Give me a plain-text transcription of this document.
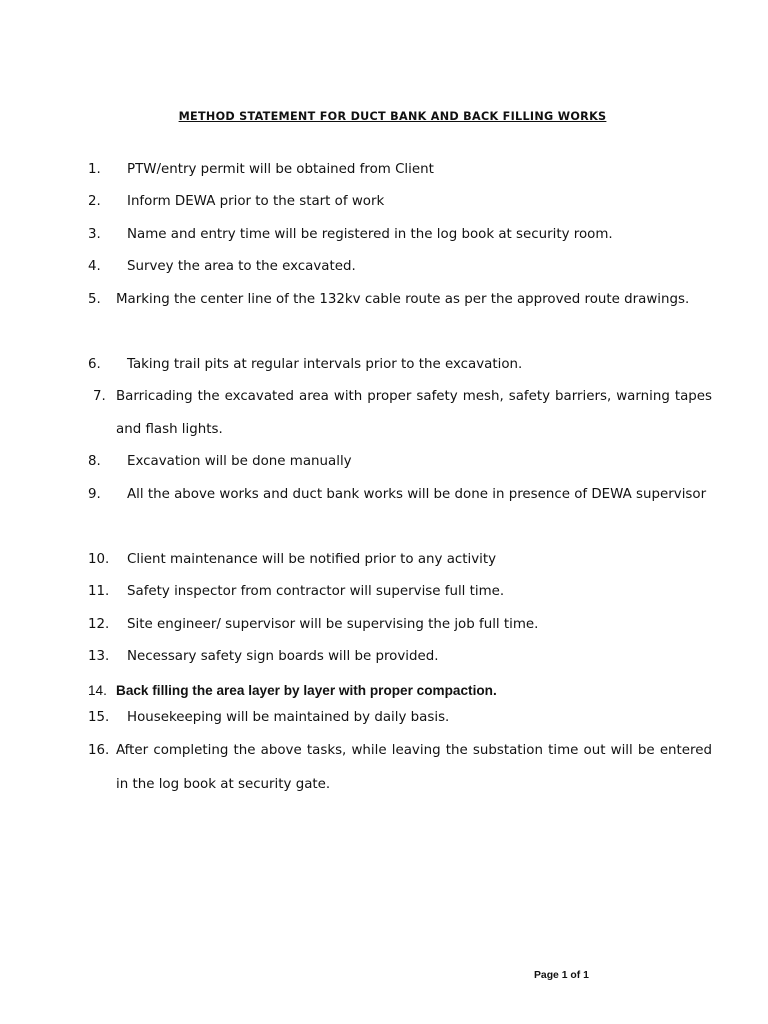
METHOD STATEMENT FOR DUCT BANK AND BACK FILLING WORKS
1. PTW/entry permit will be obtained from Client
2. Inform DEWA prior to the start of work
3. Name and entry time will be registered in the log book at security room.
4. Survey the area to the excavated.
5. Marking the center line of the 132kv cable route as per the approved route drawings.
6. Taking trail pits at regular intervals prior to the excavation.
7. Barricading the excavated area with proper safety mesh, safety barriers, warning tapes and flash lights.
8. Excavation will be done manually
9. All the above works and duct bank works will be done in presence of DEWA supervisor
10. Client maintenance will be notified prior to any activity
11. Safety inspector from contractor will supervise full time.
12. Site engineer/ supervisor will be supervising the job full time.
13. Necessary safety sign boards will be provided.
14. Back filling the area layer by layer with proper compaction.
15. Housekeeping will be maintained by daily basis.
16. After completing the above tasks, while leaving the substation time out will be entered in the log book at security gate.
Page 1 of 1
